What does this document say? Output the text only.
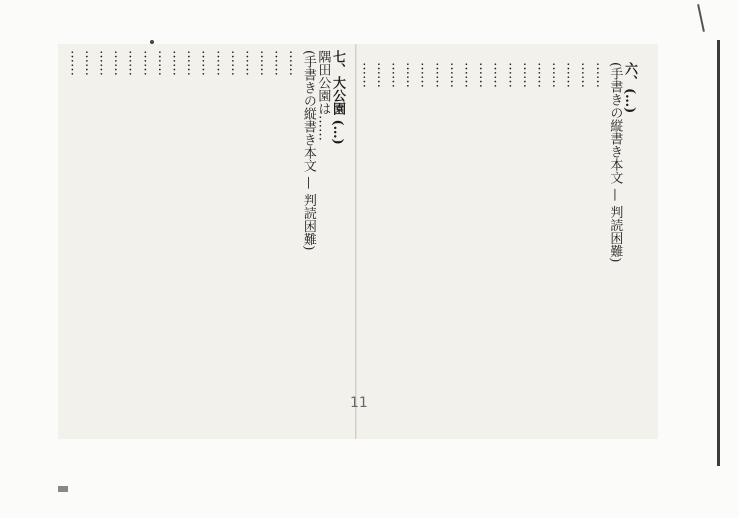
七、大公園 (…)
隅田公園は……
(手書きの縦書き本文 — 判読困難)
……
……
……
……
……
……
……
……
……
……
……
……
……
……
……
……	六、(…)
(手書きの縦書き本文 — 判読困難)
……
……
……
……
……
……
……
……
……
……
……
……
……
……
……
……
……
11
